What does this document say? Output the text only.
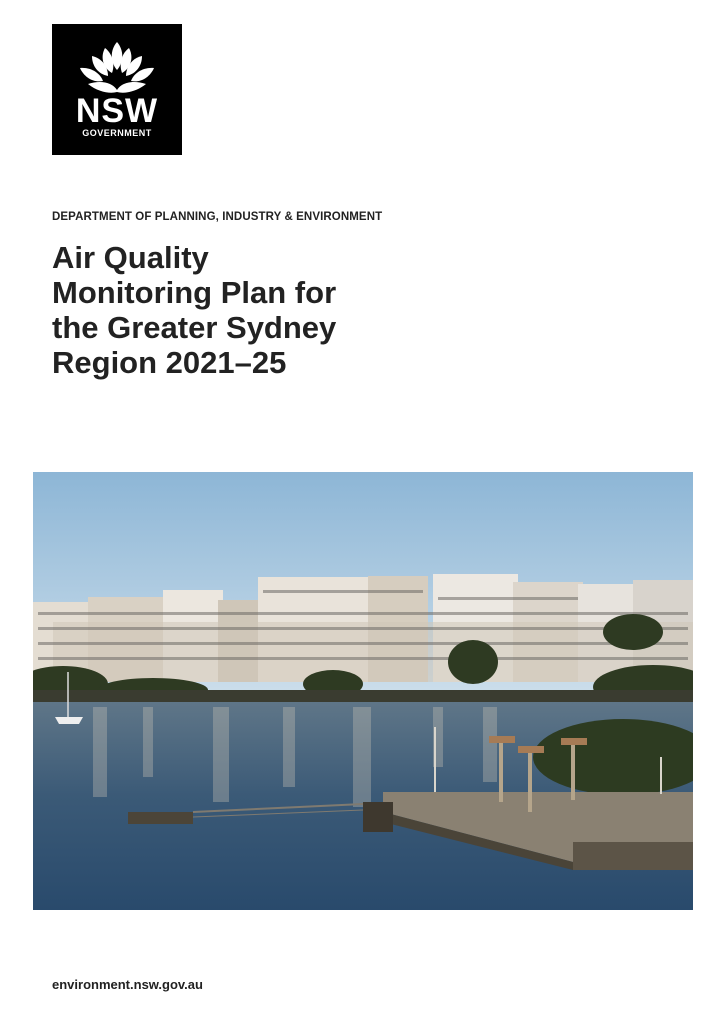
NSW
GOVERNMENT
DEPARTMENT OF PLANNING, INDUSTRY & ENVIRONMENT
Air Quality
Monitoring Plan for
the Greater Sydney
Region 2021–25
environment.nsw.gov.au
